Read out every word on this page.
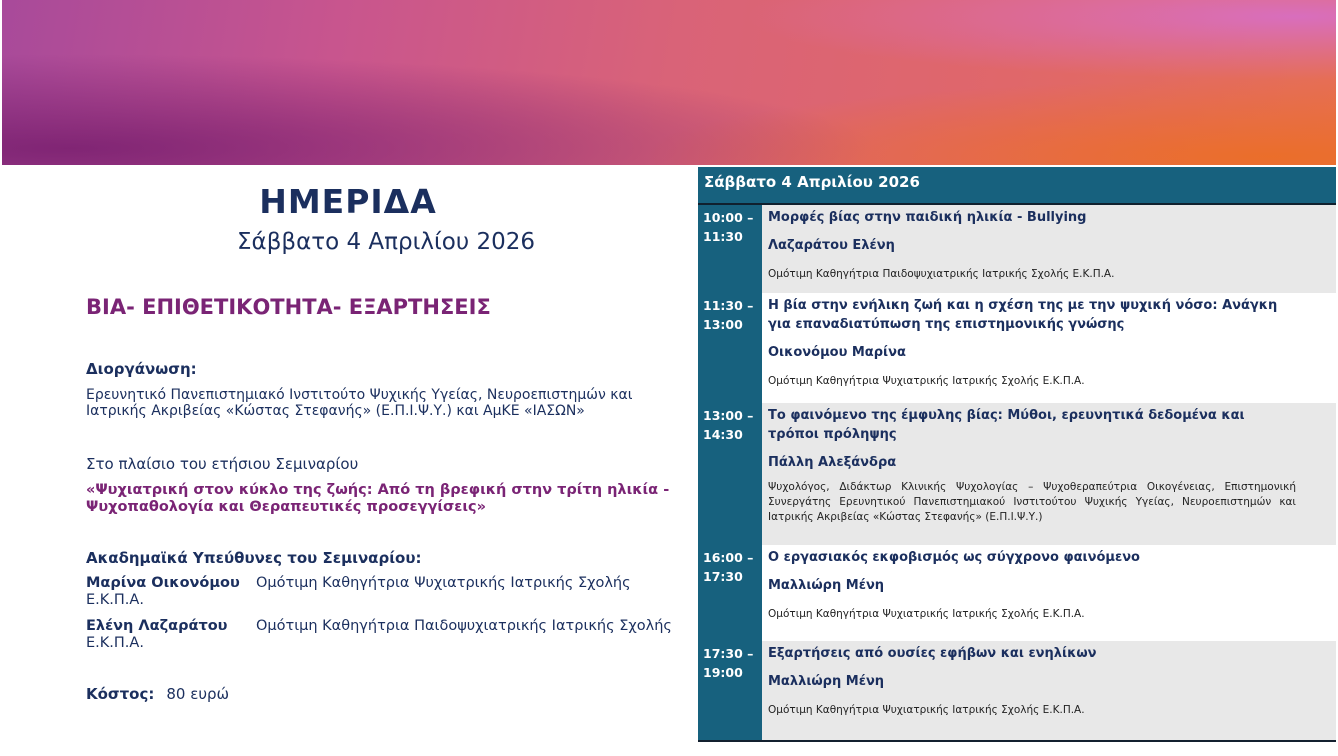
ΗΜΕΡΙΔΑ
Σάββατο 4 Απριλίου 2026
ΒΙΑ- ΕΠΙΘΕΤΙΚΟΤΗΤΑ- ΕΞΑΡΤΗΣΕΙΣ
Διοργάνωση:
Ερευνητικό Πανεπιστημιακό Ινστιτούτο Ψυχικής Υγείας, Νευροεπιστημών και Ιατρικής Ακριβείας «Κώστας Στεφανής» (Ε.Π.Ι.Ψ.Υ.) και ΑμΚΕ «ΙΑΣΩΝ»
Στο πλαίσιο του ετήσιου Σεμιναρίου
«Ψυχιατρική στον κύκλο της ζωής: Από τη βρεφική στην τρίτη ηλικία - Ψυχοπαθολογία και Θεραπευτικές προσεγγίσεις»
Ακαδημαϊκά Υπεύθυνες του Σεμιναρίου:
Μαρίνα Οικονόμου Ομότιμη Καθηγήτρια Ψυχιατρικής Ιατρικής Σχολής
Ε.Κ.Π.Α.
Ελένη Λαζαράτου Ομότιμη Καθηγήτρια Παιδοψυχιατρικής Ιατρικής Σχολής
Ε.Κ.Π.Α.
Κόστος: 80 ευρώ
Σάββατο 4 Απριλίου 2026
10:00 –
11:30
Μορφές βίας στην παιδική ηλικία - Bullying
Λαζαράτου Ελένη
Ομότιμη Καθηγήτρια Παιδοψυχιατρικής Ιατρικής Σχολής Ε.Κ.Π.Α.
11:30 –
13:00
Η βία στην ενήλικη ζωή και η σχέση της με την ψυχική νόσο: Ανάγκη για επαναδιατύπωση της επιστημονικής γνώσης
Οικονόμου Μαρίνα
Ομότιμη Καθηγήτρια Ψυχιατρικής Ιατρικής Σχολής Ε.Κ.Π.Α.
13:00 –
14:30
Το φαινόμενο της έμφυλης βίας: Μύθοι, ερευνητικά δεδομένα και τρόποι πρόληψης
Πάλλη Αλεξάνδρα
Ψυχολόγος, Διδάκτωρ Κλινικής Ψυχολογίας – Ψυχοθεραπεύτρια Οικογένειας, Επιστημονική Συνεργάτης Ερευνητικού Πανεπιστημιακού Ινστιτούτου Ψυχικής Υγείας, Νευροεπιστημών και Ιατρικής Ακριβείας «Κώστας Στεφανής» (Ε.Π.Ι.Ψ.Υ.)
16:00 –
17:30
Ο εργασιακός εκφοβισμός ως σύγχρονο φαινόμενο
Μαλλιώρη Μένη
Ομότιμη Καθηγήτρια Ψυχιατρικής Ιατρικής Σχολής Ε.Κ.Π.Α.
17:30 –
19:00
Εξαρτήσεις από ουσίες εφήβων και ενηλίκων
Μαλλιώρη Μένη
Ομότιμη Καθηγήτρια Ψυχιατρικής Ιατρικής Σχολής Ε.Κ.Π.Α.
